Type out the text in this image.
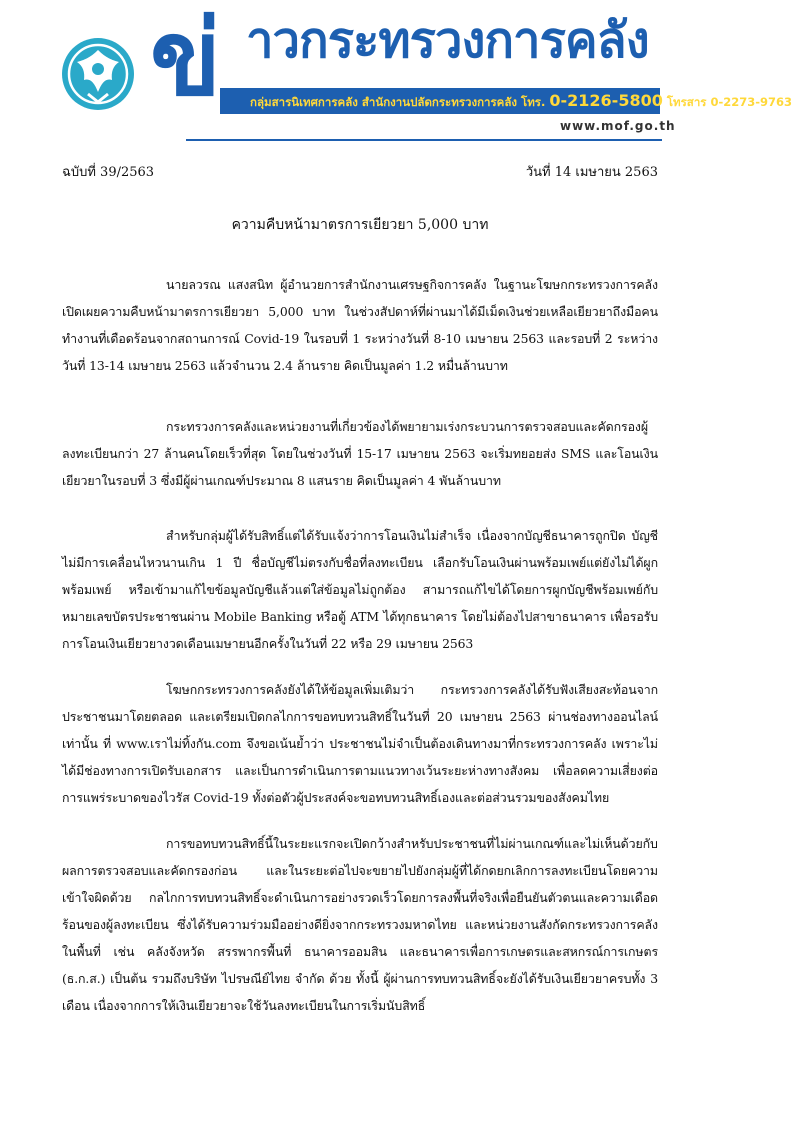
ข่ าวกระทรวงการคลัง
กลุ่มสารนิเทศการคลัง สำนักงานปลัดกระทรวงการคลัง โทร. 0-2126-5800 โทรสาร 0-2273-9763
www.mof.go.th
ฉบับที่ 39/2563	วันที่ 14 เมษายน 2563
ความคืบหน้ามาตรการเยียวยา 5,000 บาท

นายลวรณ แสงสนิท ผู้อำนวยการสำนักงานเศรษฐกิจการคลัง ในฐานะโฆษกกระทรวงการคลัง เปิดเผยความคืบหน้ามาตรการเยียวยา 5,000 บาท ในช่วงสัปดาห์ที่ผ่านมาได้มีเม็ดเงินช่วยเหลือเยียวยาถึงมือคนทำงานที่เดือดร้อนจากสถานการณ์ Covid-19 ในรอบที่ 1 ระหว่างวันที่ 8-10 เมษายน 2563 และรอบที่ 2 ระหว่างวันที่ 13-14 เมษายน 2563 แล้วจำนวน 2.4 ล้านราย คิดเป็นมูลค่า 1.2 หมื่นล้านบาท

กระทรวงการคลังและหน่วยงานที่เกี่ยวข้องได้พยายามเร่งกระบวนการตรวจสอบและคัดกรองผู้ลงทะเบียนกว่า 27 ล้านคนโดยเร็วที่สุด โดยในช่วงวันที่ 15-17 เมษายน 2563 จะเริ่มทยอยส่ง SMS และโอนเงินเยียวยาในรอบที่ 3 ซึ่งมีผู้ผ่านเกณฑ์ประมาณ 8 แสนราย คิดเป็นมูลค่า 4 พันล้านบาท

สำหรับกลุ่มผู้ได้รับสิทธิ์แต่ได้รับแจ้งว่าการโอนเงินไม่สำเร็จ เนื่องจากบัญชีธนาคารถูกปิด บัญชีไม่มีการเคลื่อนไหวนานเกิน 1 ปี ชื่อบัญชีไม่ตรงกับชื่อที่ลงทะเบียน เลือกรับโอนเงินผ่านพร้อมเพย์แต่ยังไม่ได้ผูกพร้อมเพย์ หรือเข้ามาแก้ไขข้อมูลบัญชีแล้วแต่ใส่ข้อมูลไม่ถูกต้อง สามารถแก้ไขได้โดยการผูกบัญชีพร้อมเพย์กับหมายเลขบัตรประชาชนผ่าน Mobile Banking หรือตู้ ATM ได้ทุกธนาคาร โดยไม่ต้องไปสาขาธนาคาร เพื่อรอรับการโอนเงินเยียวยางวดเดือนเมษายนอีกครั้งในวันที่ 22 หรือ 29 เมษายน 2563

โฆษกกระทรวงการคลังยังได้ให้ข้อมูลเพิ่มเติมว่า กระทรวงการคลังได้รับฟังเสียงสะท้อนจากประชาชนมาโดยตลอด และเตรียมเปิดกลไกการขอทบทวนสิทธิ์ในวันที่ 20 เมษายน 2563 ผ่านช่องทางออนไลน์เท่านั้น ที่ www.เราไม่ทิ้งกัน.com จึงขอเน้นย้ำว่า ประชาชนไม่จำเป็นต้องเดินทางมาที่กระทรวงการคลัง เพราะไม่ได้มีช่องทางการเปิดรับเอกสาร และเป็นการดำเนินการตามแนวทางเว้นระยะห่างทางสังคม เพื่อลดความเสี่ยงต่อการแพร่ระบาดของไวรัส Covid-19 ทั้งต่อตัวผู้ประสงค์จะขอทบทวนสิทธิ์เองและต่อส่วนรวมของสังคมไทย

การขอทบทวนสิทธิ์นี้ในระยะแรกจะเปิดกว้างสำหรับประชาชนที่ไม่ผ่านเกณฑ์และไม่เห็นด้วยกับผลการตรวจสอบและคัดกรองก่อน และในระยะต่อไปจะขยายไปยังกลุ่มผู้ที่ได้กดยกเลิกการลงทะเบียนโดยความเข้าใจผิดด้วย กลไกการทบทวนสิทธิ์จะดำเนินการอย่างรวดเร็วโดยการลงพื้นที่จริงเพื่อยืนยันตัวตนและความเดือดร้อนของผู้ลงทะเบียน ซึ่งได้รับความร่วมมืออย่างดียิ่งจากกระทรวงมหาดไทย และหน่วยงานสังกัดกระทรวงการคลังในพื้นที่ เช่น คลังจังหวัด สรรพากรพื้นที่ ธนาคารออมสิน และธนาคารเพื่อการเกษตรและสหกรณ์การเกษตร (ธ.ก.ส.) เป็นต้น รวมถึงบริษัท ไปรษณีย์ไทย จำกัด ด้วย ทั้งนี้ ผู้ผ่านการทบทวนสิทธิ์จะยังได้รับเงินเยียวยาครบทั้ง 3 เดือน เนื่องจากการให้เงินเยียวยาจะใช้วันลงทะเบียนในการเริ่มนับสิทธิ์
